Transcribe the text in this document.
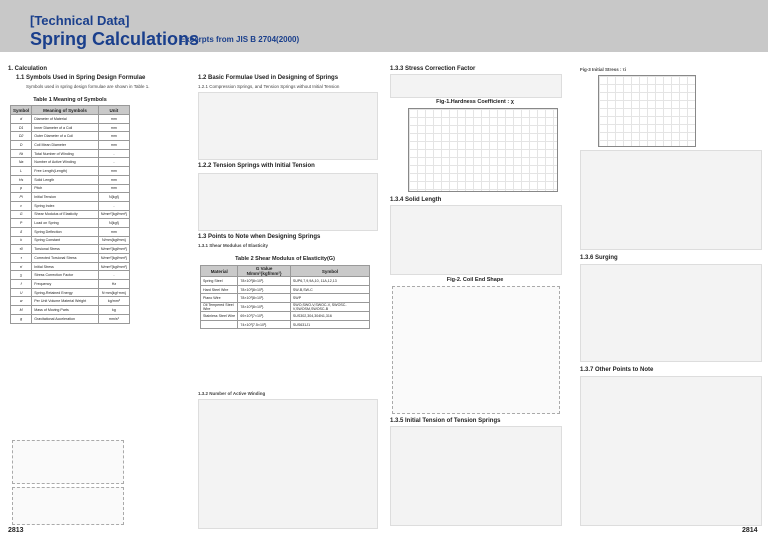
[Technical Data]
Spring Calculations
Excerpts from JIS B 2704(2000)
1. Calculation
1.1 Symbols Used in Spring Design Formulae
Symbols used in spring design formulae are shown in Table 1.
Table 1 Meaning of Symbols
Symbol	Meaning of Symbols	Unit
d	Diameter of Material	mm
D1	Inner Diameter of a Coil	mm
D2	Outer Diameter of a Coil	mm
D	Coil Mean Diameter	mm
Nt	Total Number of Winding	-
Na	Number of Active Winding	-
L	Free Length(Length)	mm
Hs	Solid Length	mm
p	Pitch	mm
Pi	Initial Tension	N{kgf}
c	Spring Index	-
G	Shear Modulus of Elasticity	N/mm²{kgf/mm²}
P	Load on Spring	N{kgf}
δ	Spring Deflection	mm
k	Spring Constant	N/mm{kgf/mm}
τ0	Torsional Stress	N/mm²{kgf/mm²}
τ	Corrected Torsional Stress	N/mm²{kgf/mm²}
τi	Initial Stress	N/mm²{kgf/mm²}
χ	Stress Correction Factor	-
f	Frequency	Hz
U	Spring-Retained Energy	N·mm{kgf·mm}
w	Per Unit Volume Material Weight	kg/mm³
M	Mass of Moving Parts	kg
g	Gravitational Acceleration	mm/s²
1.2 Basic Formulae Used in Designing of Springs
1.2.1 Compression Springs, and Tension Springs without Initial Tension
1.2.2 Tension Springs with Initial Tension
1.3 Points to Note when Designing Springs
1.3.1 Shear Modulus of Elasticity
Table 2 Shear Modulus of Elasticity(G)
Material	G Value N/mm²{kgf/mm²}	Symbol
Spring Steel	78×10³{8×10³}	SUP6,7,9,9A,10, 11A,12,13
Hard Steel Wire	78×10³{8×10³}	SW-B,SW-C
Piano Wire	78×10³{8×10³}	SWP
Oil Tempered Steel Wire	78×10³{8×10³}	SWO,SWO-V,SWOC-V, SWOSC-V,SWOSM,SWOSC-B
Stainless Steel Wire	69×10³{7×10³}	SUS302,304,304N1,316
	74×10³{7.5×10³}	SUS631J1
1.3.2 Number of Active Winding
1.3.3 Stress Correction Factor
Fig-1.Hardness Coefficient : χ
1.3.4 Solid Length
Fig-2. Coil End Shape
1.3.5 Initial Tension of Tension Springs
Fig-3 Initial Stress : τi
1.3.6 Surging
1.3.7 Other Points to Note
2813	2814
